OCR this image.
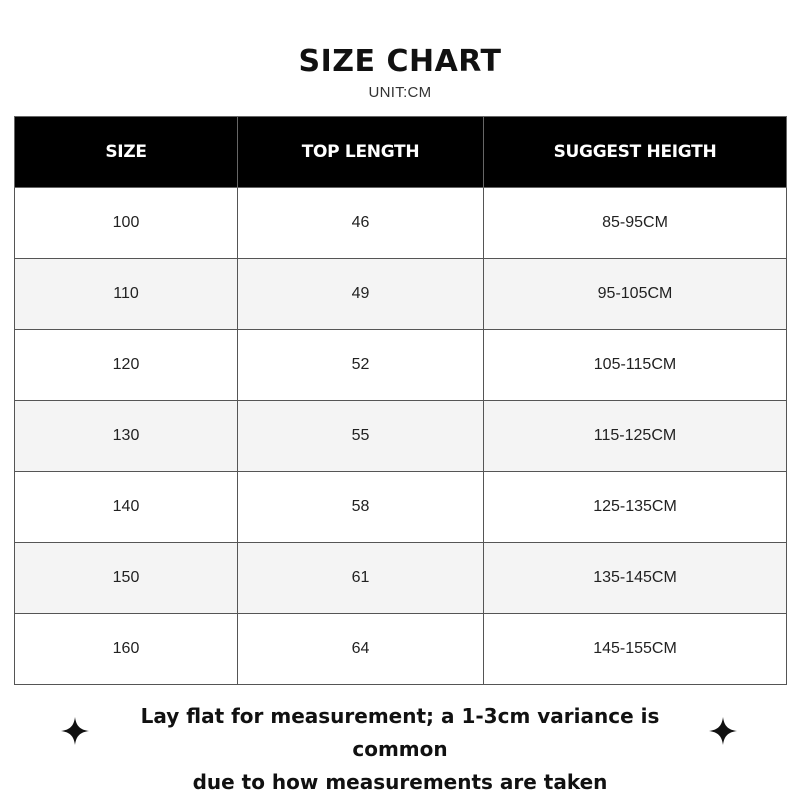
SIZE CHART
UNIT:CM
SIZE	TOP LENGTH	SUGGEST HEIGTH
100	46	85-95CM
110	49	95-105CM
120	52	105-115CM
130	55	115-125CM
140	58	125-135CM
150	61	135-145CM
160	64	145-155CM
Lay flat for measurement; a 1-3cm variance is common
due to how measurements are taken
